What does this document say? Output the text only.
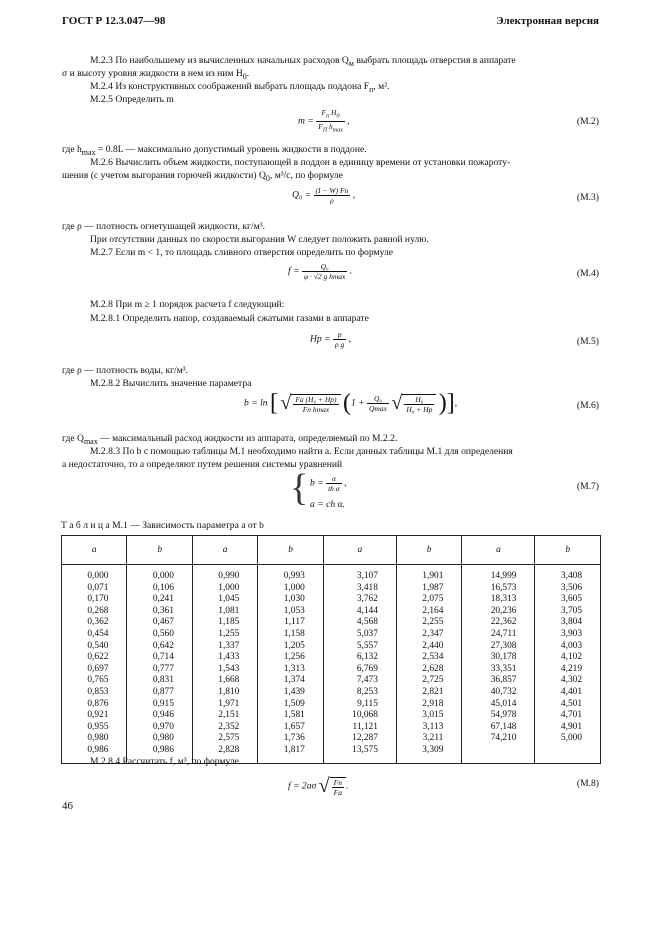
ГОСТ Р 12.3.047—98	Электронная версия
М.2.3 По наибольшему из вычисленных начальных расходов $Q_м$ выбрать площадь отверстия в аппарате
σ и высоту уровня жидкости в нем из ним $H_0$.
М.2.4 Из конструктивных соображений выбрать площадь поддона $F_п$, м².
М.2.5 Определить m
$m = \frac{F_п H_0}{F_П h_{max}}$ ,	(М.2)
где $h_{max} = 0.8L$ — максимально допустимый уровень жидкости в поддоне.
М.2.6 Вычислить объем жидкости, поступающей в поддон в единицу времени от установки пожароту-
шения (с учетом выгорания горючей жидкости) $Q_0$, м³/с, по формуле
$Q_0 = \frac{(I - W) Fп}{\rho}$ ,	(М.3)
где ρ — плотность огнетушащей жидкости, кг/м³.
При отсутствии данных по скорости выгорания W следует положить равной нулю.
М.2.7 Если m < 1, то площадь сливного отверстия определить по формуле
$f = \frac{\text{Q₀}}{\text{φ · √2 g hmax}}$ .	(М.4)
М.2.8 При m ≥ 1 порядок расчета f следующий:
М.2.8.1 Определить напор, создаваемый сжатыми газами в аппарате
$Hp = \frac{p}{\text{ρ g}}$ ,	(М.5)
где ρ — плотность воды, кг/м³.
М.2.8.2 Вычислить значение параметра
b = ln [ √ $\frac{\text{Fa (H₀ + Hp)}}{\text{Fп hmax}} (1 + \frac{\text{Q₀}}{Qmax}$ √ $\frac{\text{H₀}}{\text{H₀ + Hp}}$ )],	(М.6)
где $Q_{max}$ — максимальный расход жидкости из аппарата, определяемый по М.2.2.
М.2.8.3 По b с помощью таблицы М.1 необходимо найти a. Если данных таблицы М.1 для определения
a недостаточно, то a определяют путем решения системы уравнений
{ $b = \frac{\alpha}{\text{th α}}$ ,
a = ch α.
(М.7)
Т а б л и ц а М.1 — Зависимость параметра a от b
a	b	a	b	a	b	a	b
0,000	0,000	0,990	0,993	3,107	1,901	14,999	3,408
0,071	0,106	1,000	1,000	3,418	1,987	16,573	3,506
0,170	0,241	1,045	1,030	3,762	2,075	18,313	3,605
0,268	0,361	1,081	1,053	4,144	2,164	20,236	3,705
0,362	0,467	1,185	1,117	4,568	2,255	22,362	3,804
0,454	0,560	1,255	1,158	5,037	2,347	24,711	3,903
0,540	0,642	1,337	1,205	5,557	2,440	27,308	4,003
0,622	0,714	1,433	1,256	6,132	2,534	30,178	4,102
0,697	0,777	1,543	1,313	6,769	2,628	33,351	4,219
0,765	0,831	1,668	1,374	7,473	2,725	36,857	4,302
0,853	0,877	1,810	1,439	8,253	2,821	40,732	4,401
0,876	0,915	1,971	1,509	9,115	2,918	45,014	4,501
0,921	0,946	2,151	1,581	10,068	3,015	54,978	4,701
0,955	0,970	2,352	1,657	11,121	3,113	67,148	4,901
0,980	0,980	2,575	1,736	12,287	3,211	74,210	5,000
0,986	0,986	2,828	1,817	13,575	3,309		
М.2.8.4 Рассчитать f, м³, по формуле
f = 2aσ √ $\frac{Fп}{Fa}$ .	(М.8)
46
